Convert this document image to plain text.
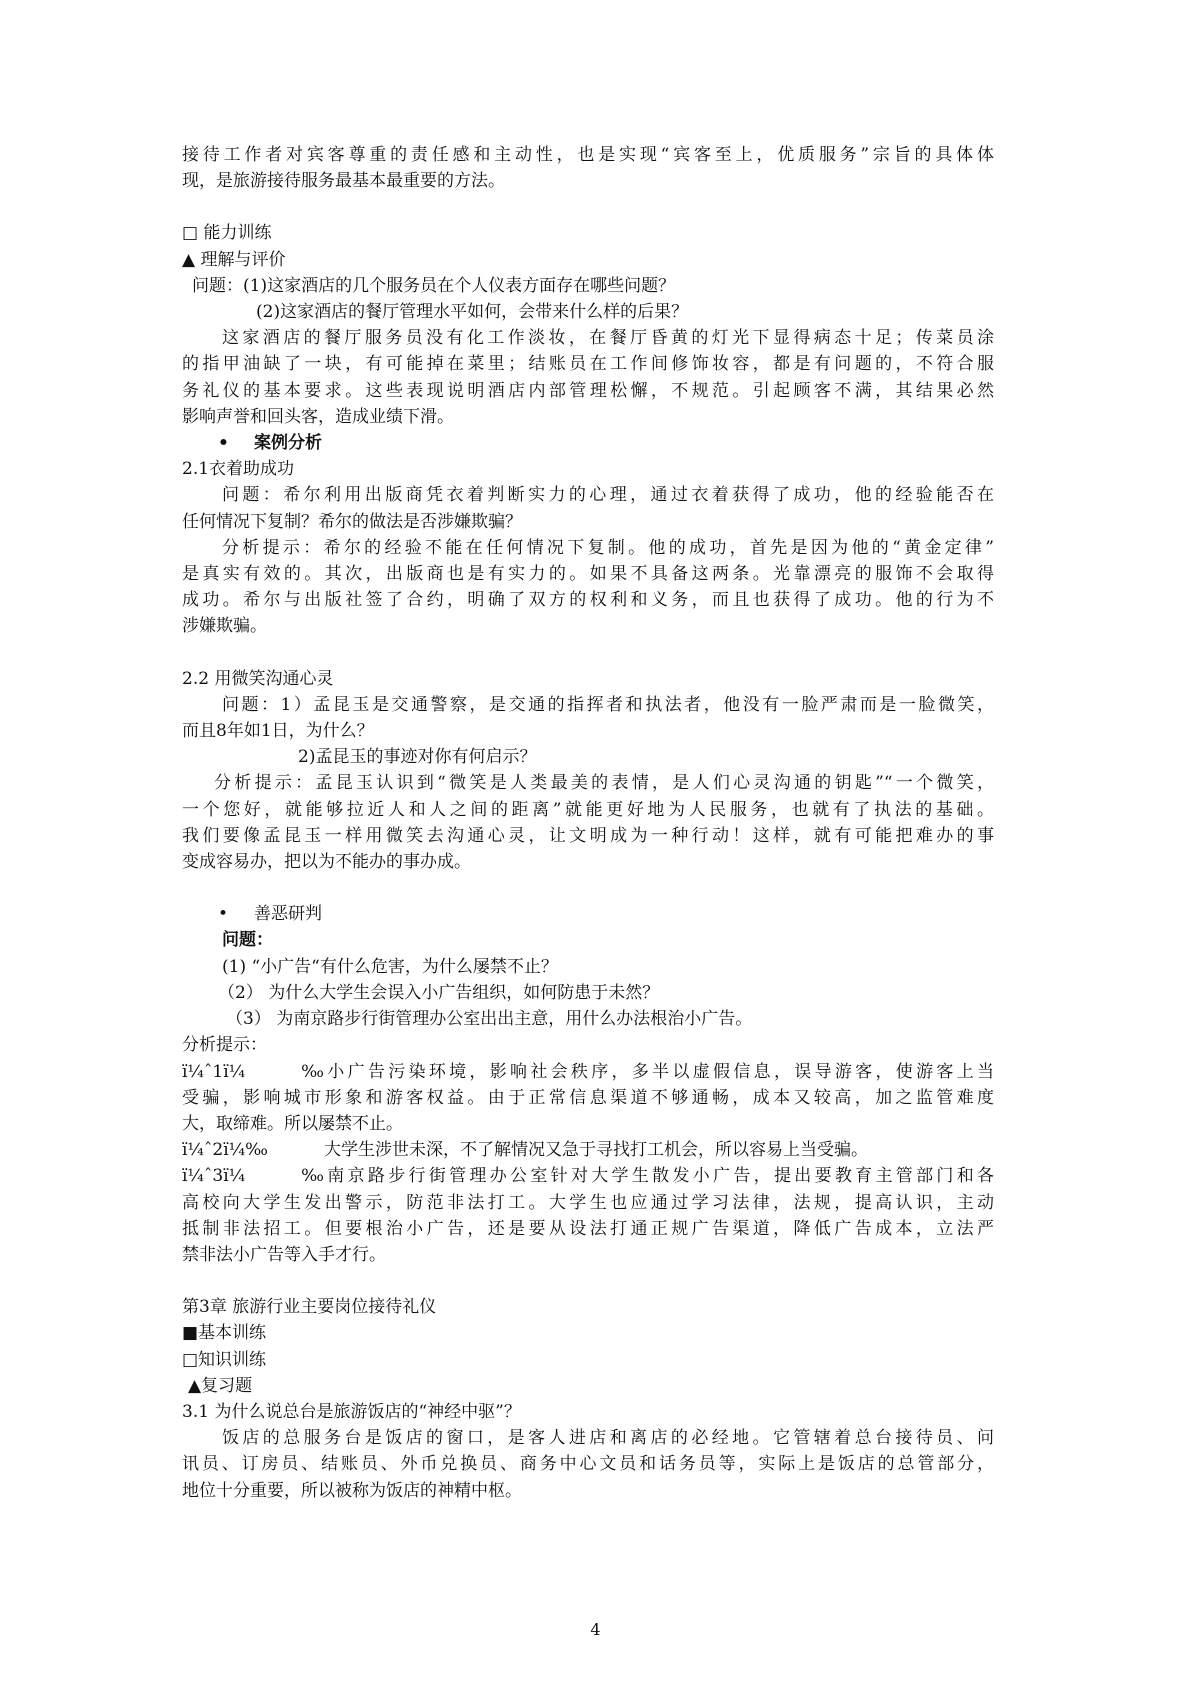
接待工作者对宾客尊重的责任感和主动性，也是实现“宾客至上，优质服务”宗旨的具体体

现，是旅游接待服务最基本最重要的方法。

□ 能力训练

▲ 理解与评价

问题：(1)这家酒店的几个服务员在个人仪表方面存在哪些问题？

(2)这家酒店的餐厅管理水平如何，会带来什么样的后果？

这家酒店的餐厅服务员没有化工作淡妆，在餐厅昏黄的灯光下显得病态十足；传菜员涂

的指甲油缺了一块，有可能掉在菜里；结账员在工作间修饰妆容，都是有问题的，不符合服

务礼仪的基本要求。这些表现说明酒店内部管理松懈，不规范。引起顾客不满，其结果必然

影响声誉和回头客，造成业绩下滑。

• 案例分析

2.1衣着助成功

问题：希尔利用出版商凭衣着判断实力的心理，通过衣着获得了成功，他的经验能否在

任何情况下复制？希尔的做法是否涉嫌欺骗？

分析提示：希尔的经验不能在任何情况下复制。他的成功，首先是因为他的“黄金定律”

是真实有效的。其次，出版商也是有实力的。如果不具备这两条。光靠漂亮的服饰不会取得

成功。希尔与出版社签了合约，明确了双方的权利和义务，而且也获得了成功。他的行为不

涉嫌欺骗。

2.2 用微笑沟通心灵

问题：1）孟昆玉是交通警察，是交通的指挥者和执法者，他没有一脸严肃而是一脸微笑，

而且8年如1日，为什么？

2)孟昆玉的事迹对你有何启示？

分析提示：孟昆玉认识到“微笑是人类最美的表情，是人们心灵沟通的钥匙”“一个微笑，

一个您好，就能够拉近人和人之间的距离”就能更好地为人民服务，也就有了执法的基础。

我们要像孟昆玉一样用微笑去沟通心灵，让文明成为一种行动！这样，就有可能把难办的事

变成容易办，把以为不能办的事办成。

• 善恶研判

问题：

(1) “小广告“有什么危害，为什么屡禁不止？

（2） 为什么大学生会误入小广告组织，如何防患于未然？

（3） 为南京路步行街管理办公室出出主意，用什么办法根治小广告。

分析提示：

ï¼ˆ1ï¼‰小广告污染环境，影响社会秩序，多半以虚假信息，误导游客，使游客上当

受骗，影响城市形象和游客权益。由于正常信息渠道不够通畅，成本又较高，加之监管难度

大，取缔难。所以屡禁不止。

ï¼ˆ2ï¼‰	大学生涉世未深，不了解情况又急于寻找打工机会，所以容易上当受骗。

ï¼ˆ3ï¼‰南京路步行街管理办公室针对大学生散发小广告，提出要教育主管部门和各

高校向大学生发出警示，防范非法打工。大学生也应通过学习法律，法规，提高认识，主动

抵制非法招工。但要根治小广告，还是要从设法打通正规广告渠道，降低广告成本，立法严

禁非法小广告等入手才行。

第3章 旅游行业主要岗位接待礼仪

■基本训练

□知识训练

▲复习题

3.1 为什么说总台是旅游饭店的“神经中驱”？

饭店的总服务台是饭店的窗口，是客人进店和离店的必经地。它管辖着总台接待员、问

讯员、订房员、结账员、外币兑换员、商务中心文员和话务员等，实际上是饭店的总管部分，

地位十分重要，所以被称为饭店的神精中枢。

4
